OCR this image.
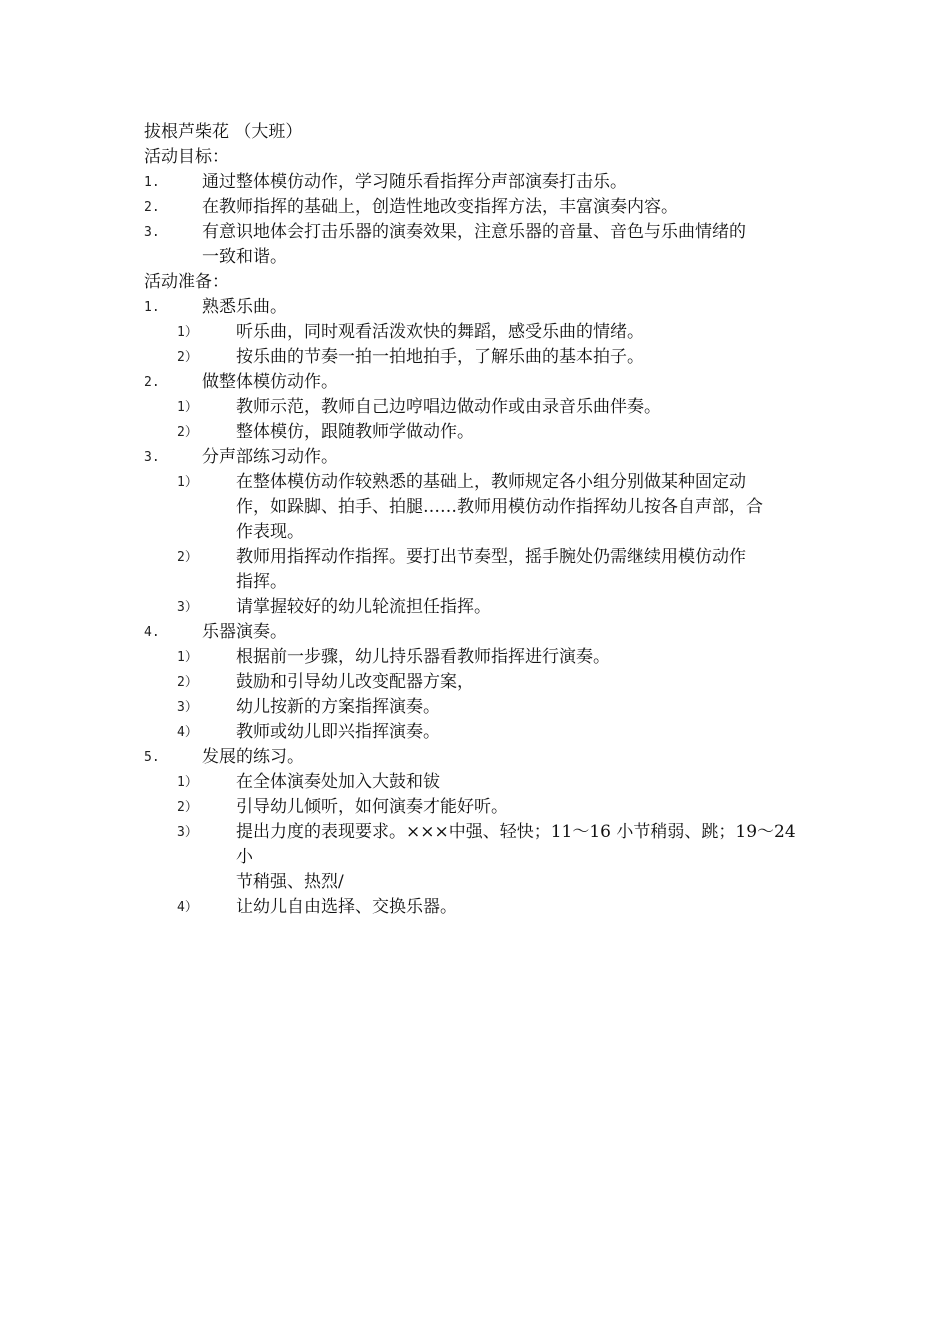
拔根芦柴花 （大班）

活动目标：

1. 通过整体模仿动作，学习随乐看指挥分声部演奏打击乐。
2. 在教师指挥的基础上，创造性地改变指挥方法，丰富演奏内容。
3. 有意识地体会打击乐器的演奏效果，注意乐器的音量、音色与乐曲情绪的
一致和谐。

活动准备：

1. 熟悉乐曲。
1） 听乐曲，同时观看活泼欢快的舞蹈，感受乐曲的情绪。
2） 按乐曲的节奏一拍一拍地拍手，了解乐曲的基本拍子。
2. 做整体模仿动作。
1） 教师示范，教师自己边哼唱边做动作或由录音乐曲伴奏。
2） 整体模仿，跟随教师学做动作。
3. 分声部练习动作。
1） 在整体模仿动作较熟悉的基础上，教师规定各小组分别做某种固定动
作，如跺脚、拍手、拍腿……教师用模仿动作指挥幼儿按各自声部，合
作表现。
2） 教师用指挥动作指挥。要打出节奏型，摇手腕处仍需继续用模仿动作
指挥。
3） 请掌握较好的幼儿轮流担任指挥。
4. 乐器演奏。
1） 根据前一步骤，幼儿持乐器看教师指挥进行演奏。
2） 鼓励和引导幼儿改变配器方案，
3） 幼儿按新的方案指挥演奏。
4） 教师或幼儿即兴指挥演奏。
5. 发展的练习。
1） 在全体演奏处加入大鼓和钹
2） 引导幼儿倾听，如何演奏才能好听。
3） 提出力度的表现要求。×××中强、轻快；11～16 小节稍弱、跳；19～24 小
节稍强、热烈/
4） 让幼儿自由选择、交换乐器。
